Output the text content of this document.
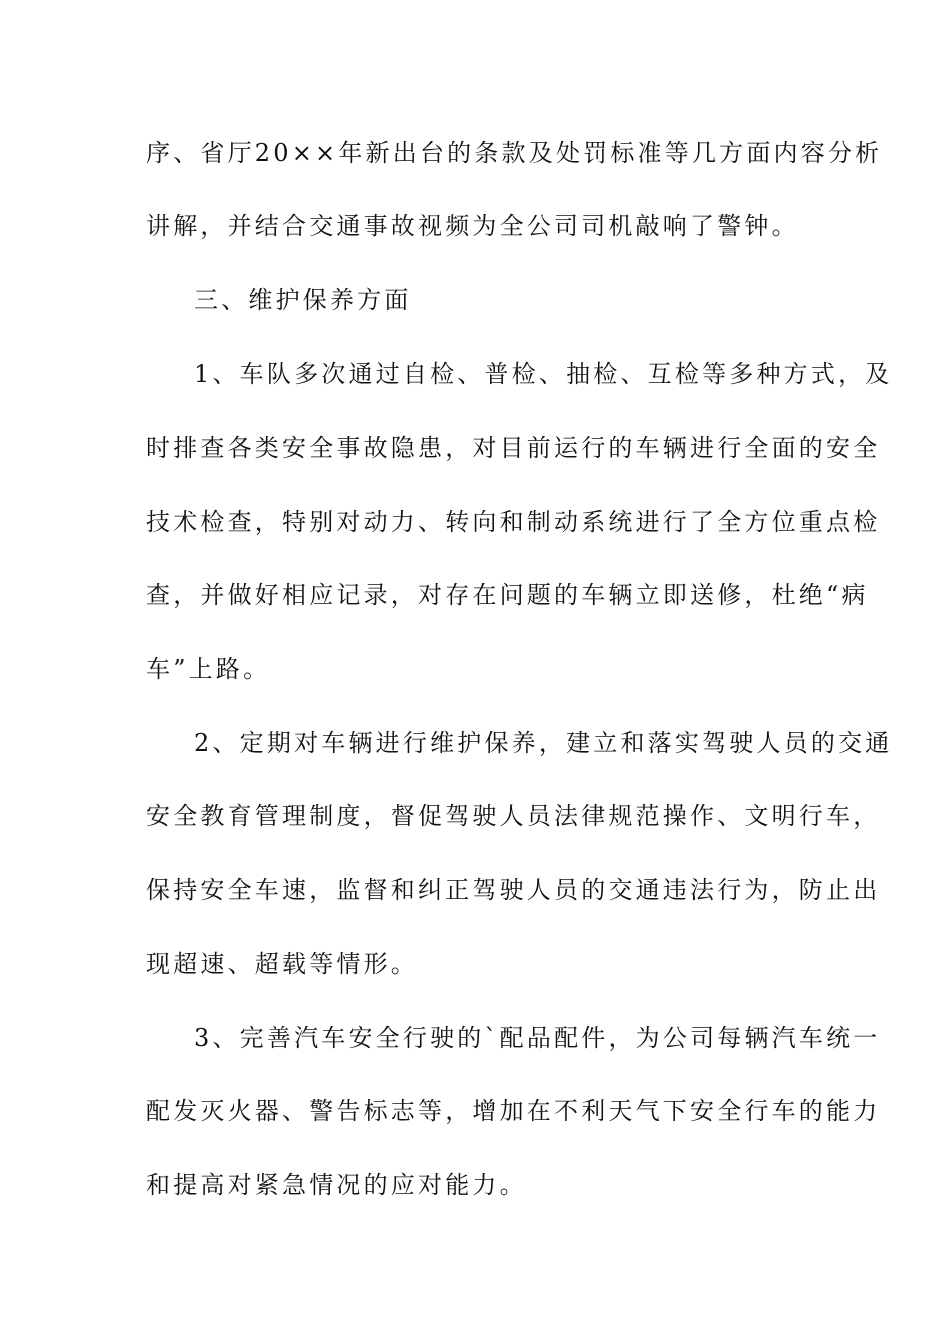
序、省厅20××年新出台的条款及处罚标准等几方面内容分析
讲解，并结合交通事故视频为全公司司机敲响了警钟。
三、维护保养方面
1、车队多次通过自检、普检、抽检、互检等多种方式，及
时排查各类安全事故隐患，对目前运行的车辆进行全面的安全
技术检查，特别对动力、转向和制动系统进行了全方位重点检
查，并做好相应记录，对存在问题的车辆立即送修，杜绝“病
车”上路。
2、定期对车辆进行维护保养，建立和落实驾驶人员的交通
安全教育管理制度，督促驾驶人员法律规范操作、文明行车，
保持安全车速，监督和纠正驾驶人员的交通违法行为，防止出
现超速、超载等情形。
3、完善汽车安全行驶的`配品配件，为公司每辆汽车统一
配发灭火器、警告标志等，增加在不利天气下安全行车的能力
和提高对紧急情况的应对能力。
